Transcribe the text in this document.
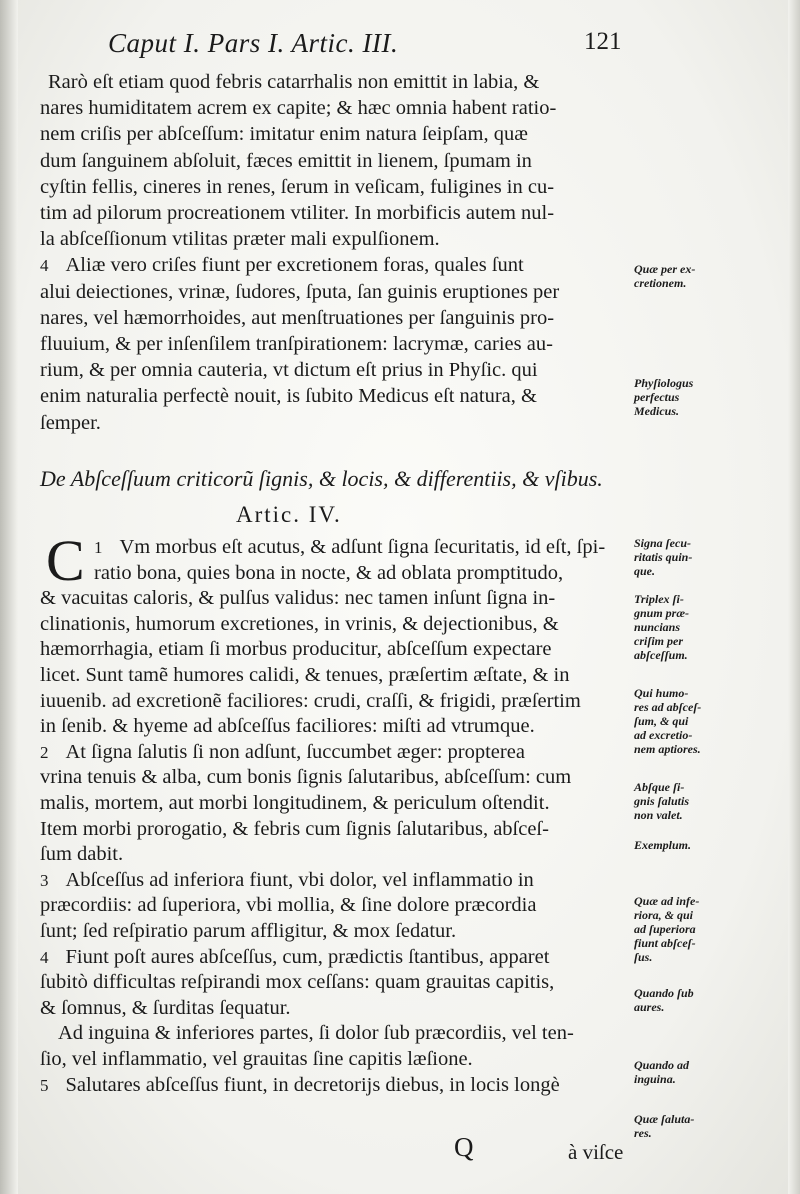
Caput I. Pars I. Artic. III.	121
Rarò eſt etiam quod febris catarrhalis non emittit in labia, &
nares humiditatem acrem ex capite; & hæc omnia habent ratio-
nem criſis per abſceſſum: imitatur enim natura ſeipſam, quæ
dum ſanguinem abſoluit, fæces emittit in lienem, ſpumam in
cyſtin fellis, cineres in renes, ſerum in veſicam, fuligines in cu-
tim ad pilorum procreationem vtiliter. In morbificis autem nul-
la abſceſſionum vtilitas præter mali expulſionem.
4 Aliæ vero criſes fiunt per excretionem foras, quales ſunt
alui deiectiones, vrinæ, ſudores, ſputa, ſan guinis eruptiones per
nares, vel hæmorrhoides, aut menſtruationes per ſanguinis pro-
fluuium, & per inſenſilem tranſpirationem: lacrymæ, caries au-
rium, & per omnia cauteria, vt dictum eſt prius in Phyſic. qui
enim naturalia perfectè nouit, is ſubito Medicus eſt natura, &
ſemper.
De Abſceſſuum criticorũ ſignis, & locis, & differentiis, & vſibus.
Artic. IV.
C 1 Vm morbus eſt acutus, & adſunt ſigna ſecuritatis, id eſt, ſpi-
ratio bona, quies bona in nocte, & ad oblata promptitudo,
& vacuitas caloris, & pulſus validus: nec tamen inſunt ſigna in-
clinationis, humorum excretiones, in vrinis, & dejectionibus, &
hæmorrhagia, etiam ſi morbus producitur, abſceſſum expectare
licet. Sunt tamẽ humores calidi, & tenues, præſertim æſtate, & in
iuuenib. ad excretionẽ faciliores: crudi, craſſi, & frigidi, præſertim
in ſenib. & hyeme ad abſceſſus faciliores: miſti ad vtrumque.
2 At ſigna ſalutis ſi non adſunt, ſuccumbet æger: propterea
vrina tenuis & alba, cum bonis ſignis ſalutaribus, abſceſſum: cum
malis, mortem, aut morbi longitudinem, & periculum oſtendit.
Item morbi prorogatio, & febris cum ſignis ſalutaribus, abſceſ-
ſum dabit.
3 Abſceſſus ad inferiora fiunt, vbi dolor, vel inflammatio in
præcordiis: ad ſuperiora, vbi mollia, & ſine dolore præcordia
ſunt; ſed reſpiratio parum affligitur, & mox ſedatur.
4 Fiunt poſt aures abſceſſus, cum, prædictis ſtantibus, apparet
ſubitò difficultas reſpirandi mox ceſſans: quam grauitas capitis,
& ſomnus, & ſurditas ſequatur.
Ad inguina & inferiores partes, ſi dolor ſub præcordiis, vel ten-
ſio, vel inflammatio, vel grauitas ſine capitis læſione.
5 Salutares abſceſſus fiunt, in decretorijs diebus, in locis longè
Quæ per ex-
cretionem.
Phyſiologus
perfectus
Medicus.
Signa ſecu-
ritatis quin-
que.
Triplex ſi-
gnum præ-
nuncians
criſim per
abſceſſum.
Qui humo-
res ad abſceſ-
ſum, & qui
ad excretio-
nem aptiores.
Abſque ſi-
gnis ſalutis
non valet.
Exemplum.
Quæ ad infe-
riora, & qui
ad ſuperiora
fiunt abſceſ-
ſus.
Quando ſub
aures.
Quando ad
inguina.
Quæ ſaluta-
res.
Q	à viſce
